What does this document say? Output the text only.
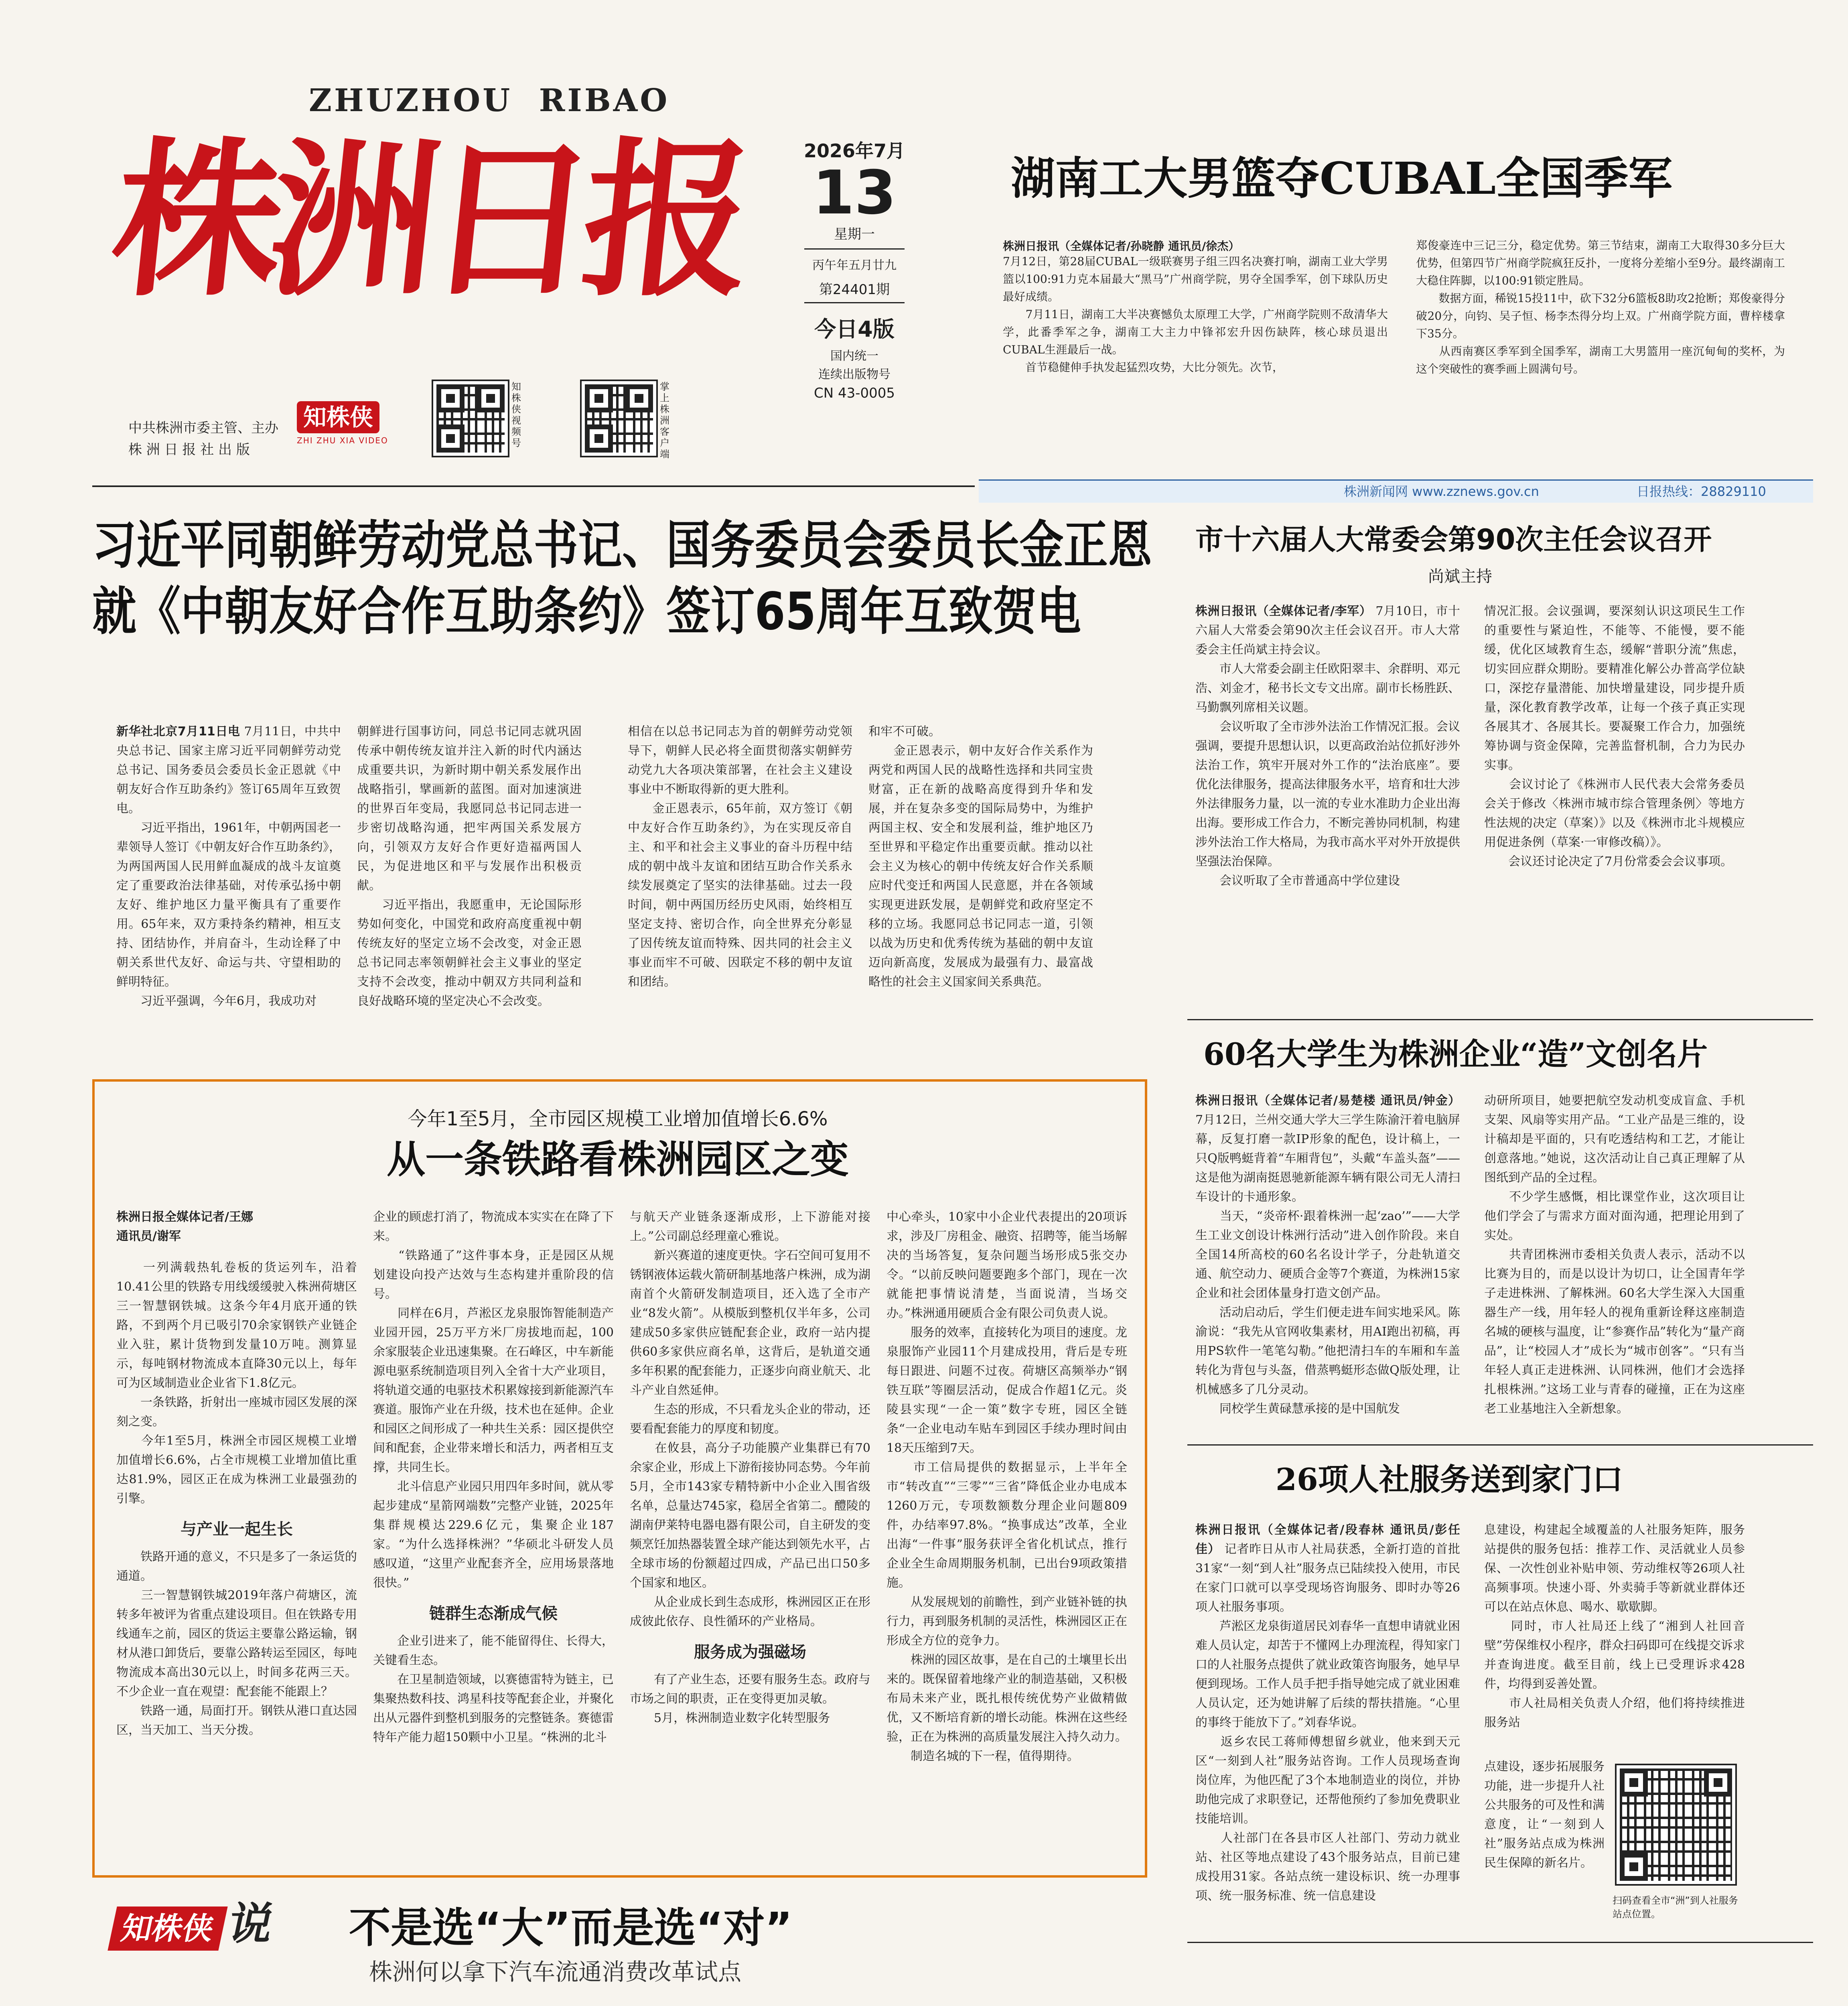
ZHUZHOU  RIBAO
株洲日报
中共株洲市委主管、主办
株 洲 日 报 社 出 版
知株侠
ZHI ZHU XIA VIDEO
知株侠视频号
掌上株洲客户端
2026年7月
13
星期一
丙午年五月廿九
第24401期
今日4版
国内统一
连续出版物号
CN 43-0005
湖南工大男篮夺CUBAL全国季军
株洲日报讯（全媒体记者/孙晓静 通讯员/徐杰）
7月12日，第28届CUBAL一级联赛男子组三四名决赛打响，湖南工业大学男篮以100:91力克本届最大“黑马”广州商学院，男夺全国季军，创下球队历史最好成绩。
　　7月11日，湖南工大半决赛憾负太原理工大学，广州商学院则不敌清华大学，此番季军之争，湖南工大主力中锋祁宏升因伤缺阵，核心球员退出CUBAL生涯最后一战。
　　首节稳健伸手执发起猛烈攻势，大比分领先。次节，
郑俊豪连中三记三分，稳定优势。第三节结束，湖南工大取得30多分巨大优势，但第四节广州商学院疯狂反扑，一度将分差缩小至9分。最终湖南工大稳住阵脚，以100:91锁定胜局。
　　数据方面，稀锐15投11中，砍下32分6篮板8助攻2抢断；郑俊豪得分破20分，向钧、吴子恒、杨李杰得分均上双。广州商学院方面，曹梓楼拿下35分。
　　从西南赛区季军到全国季军，湖南工大男篮用一座沉甸甸的奖杯，为这个突破性的赛季画上圆满句号。
株洲新闻网 www.zznews.gov.cn	日报热线：28829110
习近平同朝鲜劳动党总书记、国务委员会委员长金正恩
就《中朝友好合作互助条约》签订65周年互致贺电
新华社北京7月11日电 7月11日，中共中央总书记、国家主席习近平同朝鲜劳动党总书记、国务委员会委员长金正恩就《中朝友好合作互助条约》签订65周年互致贺电。
　　习近平指出，1961年，中朝两国老一辈领导人签订《中朝友好合作互助条约》，为两国两国人民用鲜血凝成的战斗友谊奠定了重要政治法律基础，对传承弘扬中朝友好、维护地区力量平衡具有了重要作用。65年来，双方秉持条约精神，相互支持、团结协作，并肩奋斗，生动诠释了中朝关系世代友好、命运与共、守望相助的鲜明特征。
　　习近平强调，今年6月，我成功对
朝鲜进行国事访问，同总书记同志就巩固传承中朝传统友谊并注入新的时代内涵达成重要共识，为新时期中朝关系发展作出战略指引，擘画新的蓝图。面对加速演进的世界百年变局，我愿同总书记同志进一步密切战略沟通，把牢两国关系发展方向，引领双方友好合作更好造福两国人民，为促进地区和平与发展作出积极贡献。
　　习近平指出，我愿重申，无论国际形势如何变化，中国党和政府高度重视中朝传统友好的坚定立场不会改变，对金正恩总书记同志率领朝鲜社会主义事业的坚定支持不会改变，推动中朝双方共同利益和良好战略环境的坚定决心不会改变。
相信在以总书记同志为首的朝鲜劳动党领导下，朝鲜人民必将全面贯彻落实朝鲜劳动党九大各项决策部署，在社会主义建设事业中不断取得新的更大胜利。
　　金正恩表示，65年前，双方签订《朝中友好合作互助条约》，为在实现反帝自主、和平和社会主义事业的奋斗历程中结成的朝中战斗友谊和团结互助合作关系永续发展奠定了坚实的法律基础。过去一段时间，朝中两国历经历史风雨，始终相互坚定支持、密切合作，向全世界充分彰显了因传统友谊而特殊、因共同的社会主义事业而牢不可破、因联定不移的朝中友谊和团结。
和牢不可破。
　　金正恩表示，朝中友好合作关系作为两党和两国人民的战略性选择和共同宝贵财富，正在新的战略高度得到升华和发展，并在复杂多变的国际局势中，为维护两国主权、安全和发展利益，维护地区乃至世界和平稳定作出重要贡献。推动以社会主义为核心的朝中传统友好合作关系顺应时代变迁和两国人民意愿，并在各领域实现更进跃发展，是朝鲜党和政府坚定不移的立场。我愿同总书记同志一道，引领以战为历史和优秀传统为基础的朝中友谊迈向新高度，发展成为最强有力、最富战略性的社会主义国家间关系典范。
市十六届人大常委会第90次主任会议召开
尚斌主持
株洲日报讯（全媒体记者/李军） 7月10日，市十六届人大常委会第90次主任会议召开。市人大常委会主任尚斌主持会议。
　　市人大常委会副主任欧阳翠丰、余群明、邓元浩、刘金才，秘书长文专文出席。副市长杨胜跃、马勤飘列席相关议题。
　　会议听取了全市涉外法治工作情况汇报。会议强调，要提升思想认识，以更高政治站位抓好涉外法治工作，筑牢开展对外工作的“法治底座”。要优化法律服务，提高法律服务水平，培育和壮大涉外法律服务力量，以一流的专业水准助力企业出海出海。要形成工作合力，不断完善协同机制，构建涉外法治工作大格局，为我市高水平对外开放提供坚强法治保障。
　　会议听取了全市普通高中学位建设
情况汇报。会议强调，要深刻认识这项民生工作的重要性与紧迫性，不能等、不能慢，要不能缓，优化区域教育生态，缓解“普职分流”焦虑，切实回应群众期盼。要精准化解公办普高学位缺口，深挖存量潜能、加快增量建设，同步提升质量，深化教育教学改革，让每一个孩子真正实现各展其才、各展其长。要凝聚工作合力，加强统筹协调与资金保障，完善监督机制，合力为民办实事。
　　会议讨论了《株洲市人民代表大会常务委员会关于修改〈株洲市城市综合管理条例〉等地方性法规的决定（草案）》以及《株洲市北斗规模应用促进条例（草案·一审修改稿）》。
　　会议还讨论决定了7月份常委会会议事项。
60名大学生为株洲企业“造”文创名片
株洲日报讯（全媒体记者/易楚楼 通讯员/钟金） 7月12日，兰州交通大学大三学生陈渝汗着电脑屏幕，反复打磨一款IP形象的配色，设计稿上，一只Q版鸭蜓背着“车厢背包”，头戴“车盖头盔”——这是他为湖南挺恩驰新能源车辆有限公司无人清扫车设计的卡通形象。
　　当天，“炎帝杯·跟着株洲一起‘zao’”——大学生工业文创设计株洲行活动”进入创作阶段。来自全国14所高校的60名名设计学子，分赴轨道交通、航空动力、硬质合金等7个赛道，为株洲15家企业和社会团体量身打造文创产品。
　　活动启动后，学生们便走进车间实地采风。陈渝说：“我先从官网收集素材，用AI跑出初稿，再用PS软件一笔笔勾勒。”他把清扫车的车厢和车盖转化为背包与头盔，借蒸鸭蜓形态做Q版处理，让机械感多了几分灵动。
　　同校学生黄碌慧承接的是中国航发
动研所项目，她要把航空发动机变成盲盒、手机支架、风扇等实用产品。“工业产品是三维的，设计稿却是平面的，只有吃透结构和工艺，才能让创意落地。”她说，这次活动让自己真正理解了从图纸到产品的全过程。
　　不少学生感慨，相比课堂作业，这次项目让他们学会了与需求方面对面沟通，把理论用到了实处。
　　共青团株洲市委相关负责人表示，活动不以比赛为目的，而是以设计为切口，让全国青年学子走进株洲、了解株洲。60名大学生深入大国重器生产一线，用年轻人的视角重新诠释这座制造名城的硬核与温度，让“参赛作品”转化为“量产商品”，让“校园人才”成长为“城市创客”。“只有当年轻人真正走进株洲、认同株洲，他们才会选择扎根株洲。”这场工业与青春的碰撞，正在为这座老工业基地注入全新想象。
今年1至5月，全市园区规模工业增加值增长6.6%
从一条铁路看株洲园区之变
株洲日报全媒体记者/王娜
通讯员/谢军
　　一列满载热轧卷板的货运列车，沿着10.41公里的铁路专用线缓缓驶入株洲荷塘区三一智慧钢铁城。这条今年4月底开通的铁路，不到两个月已吸引70余家钢铁产业链企业入驻，累计货物到发量10万吨。测算显示，每吨钢材物流成本直降30元以上，每年可为区域制造业企业省下1.8亿元。
　　一条铁路，折射出一座城市园区发展的深刻之变。
　　今年1至5月，株洲全市园区规模工业增加值增长6.6%，占全市规模工业增加值比重达81.9%，园区正在成为株洲工业最强劲的引擎。
与产业一起生长
　　铁路开通的意义，不只是多了一条运货的通道。
　　三一智慧钢铁城2019年落户荷塘区，流转多年被评为省重点建设项目。但在铁路专用线通车之前，园区的货运主要靠公路运输，钢材从港口卸货后，要靠公路转运至园区，每吨物流成本高出30元以上，时间多花两三天。不少企业一直在观望：配套能不能跟上？
　　铁路一通，局面打开。钢铁从港口直达园区，当天加工、当天分拨。
企业的顾虑打消了，物流成本实实在在降了下来。
　　“铁路通了”这件事本身，正是园区从规划建设向投产达效与生态构建并重阶段的信号。
　　同样在6月，芦淞区龙泉服饰智能制造产业园开园，25万平方米厂房拔地而起，100余家服装企业迅速集聚。在石峰区，中车新能源电驱系统制造项目列入全省十大产业项目，将轨道交通的电驱技术积累嫁接到新能源汽车赛道。服饰产业在升级，技术也在延伸。企业和园区之间形成了一种共生关系：园区提供空间和配套，企业带来增长和活力，两者相互支撑，共同生长。
　　北斗信息产业园只用四年多时间，就从零起步建成“星箭网端数”完整产业链，2025年集群规模达229.6亿元，集聚企业187家。“为什么选择株洲？”华硕北斗研发人员感叹道，“这里产业配套齐全，应用场景落地很快。”
链群生态渐成气候
　　企业引进来了，能不能留得住、长得大，关键看生态。
　　在卫星制造领域，以赛德雷特为链主，已集聚热数科技、鸿星科技等配套企业，并聚化出从元器件到整机到服务的完整链条。赛德雷特年产能力超150颗中小卫星。“株洲的北斗
与航天产业链条逐渐成形，上下游能对接上。”公司副总经理童心雅说。
　　新兴赛道的速度更快。字石空间可复用不锈钢液体运载火箭研制基地落户株洲，成为湖南首个火箭研发制造项目，还入选了全市产业“8发火箭”。从模版到整机仅半年多，公司建成50多家供应链配套企业，政府一站内提供60多家供应商名单，这背后，是轨道交通多年积累的配套能力，正逐步向商业航天、北斗产业自然延伸。
　　生态的形成，不只看龙头企业的带动，还要看配套能力的厚度和韧度。
　　在攸县，高分子功能膜产业集群已有70余家企业，形成上下游衔接协同态势。今年前5月，全市143家专精特新中小企业入围省级名单，总量达745家，稳居全省第二。醴陵的湖南伊莱特电器电器有限公司，自主研发的变频烹饪加热器装置全球产能达到领先水平，占全球市场的份额超过四成，产品已出口50多个国家和地区。
　　从企业成长到生态成形，株洲园区正在形成彼此依存、良性循环的产业格局。
服务成为强磁场
　　有了产业生态，还要有服务生态。政府与市场之间的职责，正在变得更加灵敏。
　　5月，株洲制造业数字化转型服务
中心牵头，10家中小企业代表提出的20项诉求，涉及厂房租金、融资、招聘等，能当场解决的当场答复，复杂问题当场形成5张交办令。“以前反映问题要跑多个部门，现在一次就能把事情说清楚，当面说清，当场交办。”株洲通用硬质合金有限公司负责人说。
　　服务的效率，直接转化为项目的速度。龙泉服饰产业园11个月建成投用，背后是专班每日跟进、问题不过夜。荷塘区高频举办“钢铁互联”等圈层活动，促成合作超1亿元。炎陵县实现“一企一策”数字专班，园区全链条“一企业电动车贴车到园区手续办理时间由18天压缩到7天。
　　市工信局提供的数据显示，上半年全市“转改直”“三零”“三省”降低企业办电成本1260万元，专项数额数分理企业问题809件，办结率97.8%。“换事成达”改革，全业出海“一件事”服务获评全省化机试点，推行企业全生命周期服务机制，已出台9项政策措施。
　　从发展规划的前瞻性，到产业链补链的执行力，再到服务机制的灵活性，株洲园区正在形成全方位的竞争力。
　　株洲的园区故事，是在自己的土壤里长出来的。既保留着地缘产业的制造基础，又积极布局未来产业，既扎根传统优势产业做精做优，又不断培育新的增长动能。株洲在这些经验，正在为株洲的高质量发展注入持久动力。
　　制造名城的下一程，值得期待。
26项人社服务送到家门口
株洲日报讯（全媒体记者/段春林 通讯员/彭任佳） 记者昨日从市人社局获悉，全新打造的首批31家“一刻“到人社”服务点已陆续投入使用，市民在家门口就可以享受现场咨询服务、即时办等26项人社服务事项。
　　芦淞区龙泉街道居民刘春华一直想申请就业困难人员认定，却苦于不懂网上办理流程，得知家门口的人社服务点提供了就业政策咨询服务，她早早便到现场。工作人员手把手指导她完成了就业困难人员认定，还为她讲解了后续的帮扶措施。“心里的事终于能放下了。”刘春华说。
　　返乡农民工蒋师傅想留乡就业，他来到天元区“一刻到人社”服务站咨询。工作人员现场查询岗位库，为他匹配了3个本地制造业的岗位，并协助他完成了求职登记，还帮他预约了参加免费职业技能培训。
　　人社部门在各县市区人社部门、劳动力就业站、社区等地点建设了43个服务站点，目前已建成投用31家。各站点统一建设标识、统一办理事项、统一服务标准、统一信息建设
息建设，构建起全域覆盖的人社服务矩阵，服务站提供的服务包括：推荐工作、灵活就业人员参保、一次性创业补贴申领、劳动维权等26项人社高频事项。快速小哥、外卖骑手等新就业群体还可以在站点休息、喝水、歇歇脚。
　　同时，市人社局还上线了“湘到人社回音壁”劳保维权小程序，群众扫码即可在线提交诉求并查询进度。截至目前，线上已受理诉求428件，均得到妥善处置。
　　市人社局相关负责人介绍，他们将持续推进服务站
点建设，逐步拓展服务功能，进一步提升人社公共服务的可及性和满意度，让“一刻到人社”服务站点成为株洲民生保障的新名片。
扫码查看全市“洲”到人社服务站点位置。
知株侠 说	不是选“大”而是选“对”
株洲何以拿下汽车流通消费改革试点
